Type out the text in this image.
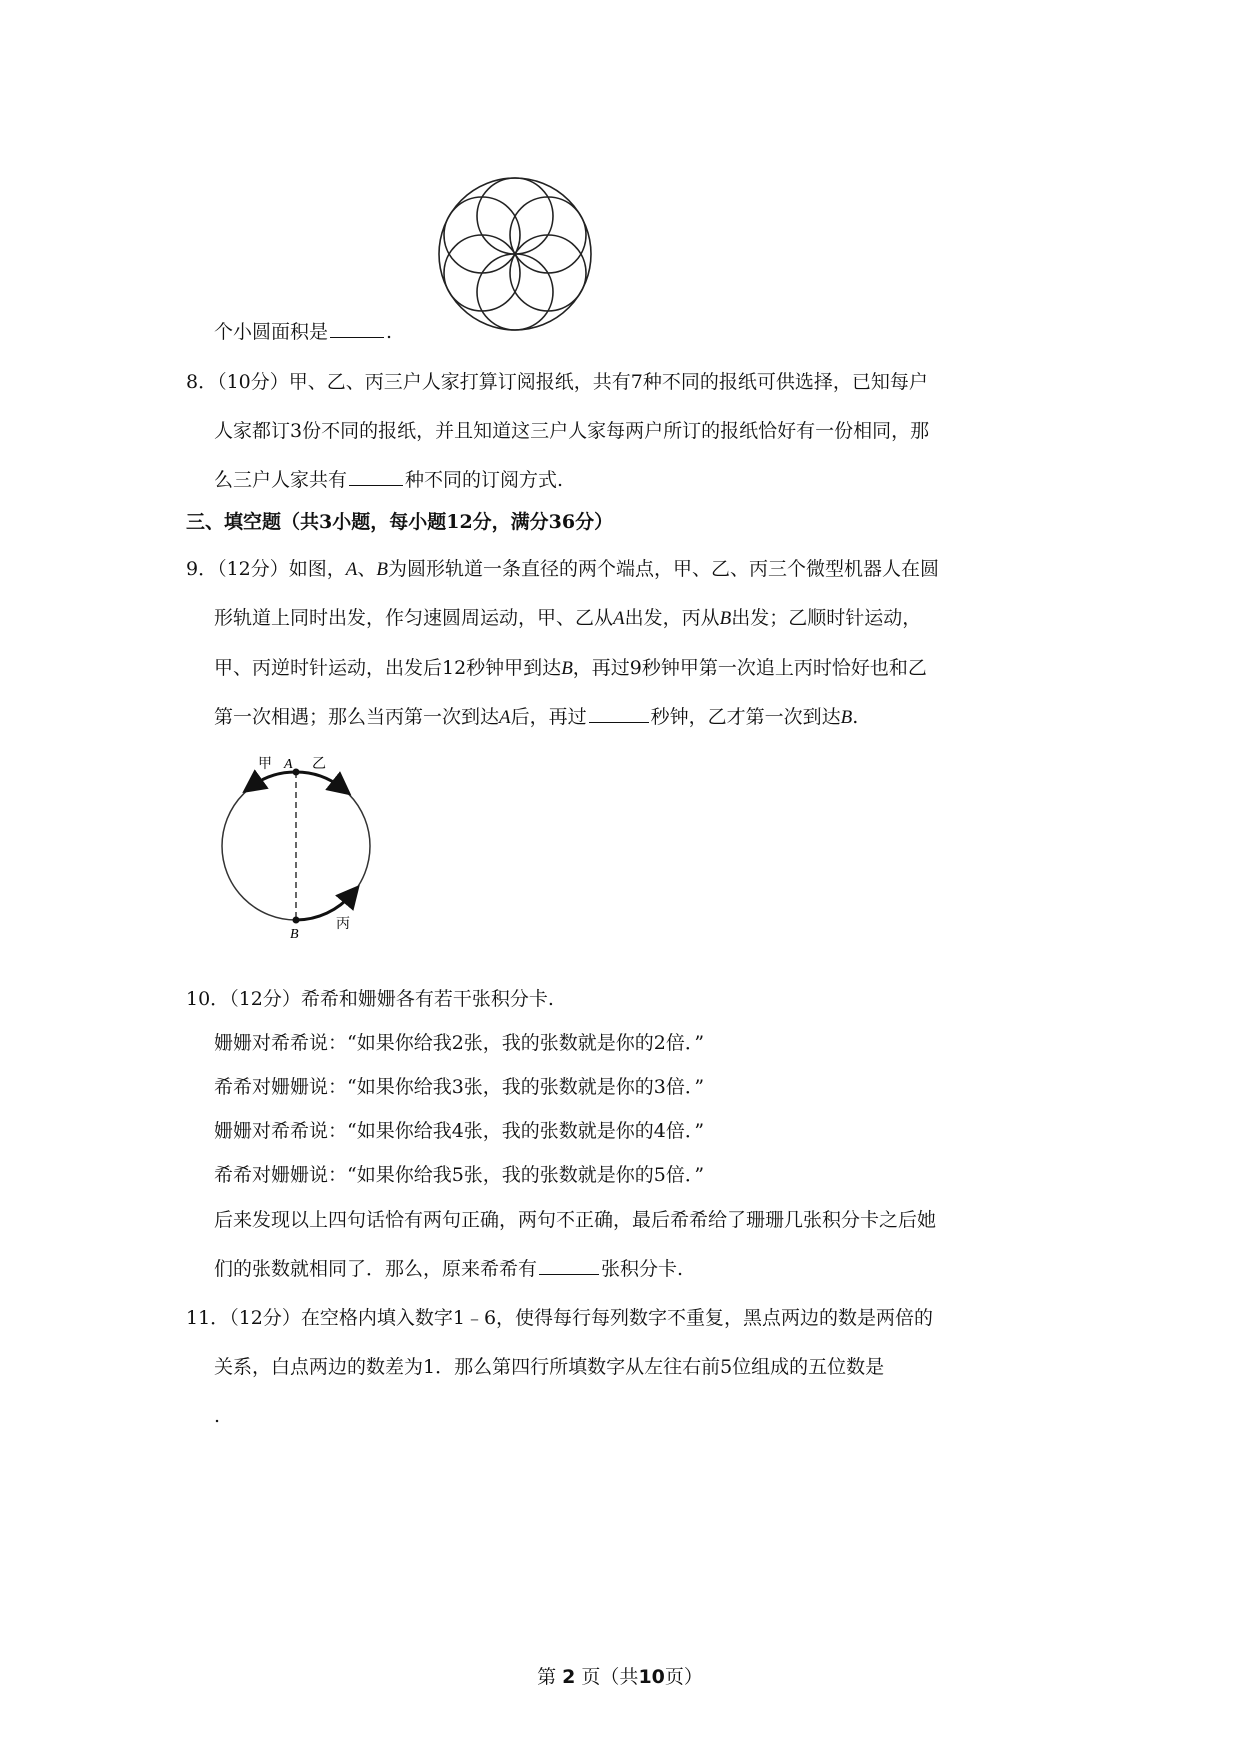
个小圆面积是	.
8．（10分）甲、乙、丙三户人家打算订阅报纸，共有7种不同的报纸可供选择，已知每户
人家都订3份不同的报纸，并且知道这三户人家每两户所订的报纸恰好有一份相同，那
么三户人家共有	种不同的订阅方式.
三、填空题（共3小题，每小题12分，满分36分）
9．（12分）如图，A、B为圆形轨道一条直径的两个端点，甲、乙、丙三个微型机器人在圆
形轨道上同时出发，作匀速圆周运动，甲、乙从A出发，丙从B出发；乙顺时针运动，
甲、丙逆时针运动，出发后12秒钟甲到达B，再过9秒钟甲第一次追上丙时恰好也和乙
第一次相遇；那么当丙第一次到达A后，再过	秒钟，乙才第一次到达B.
甲 A 乙
B
丙
10．（12分）希希和姗姗各有若干张积分卡.
姗姗对希希说：“如果你给我2张，我的张数就是你的2倍．”
希希对姗姗说：“如果你给我3张，我的张数就是你的3倍．”
姗姗对希希说：“如果你给我4张，我的张数就是你的4倍．”
希希对姗姗说：“如果你给我5张，我的张数就是你的5倍．”
后来发现以上四句话恰有两句正确，两句不正确，最后希希给了珊珊几张积分卡之后她
们的张数就相同了．那么，原来希希有	张积分卡.
11．（12分）在空格内填入数字1﹣6，使得每行每列数字不重复，黑点两边的数是两倍的
关系，白点两边的数差为1．那么第四行所填数字从左往右前5位组成的五位数是
.
第 2 页（共10页）
